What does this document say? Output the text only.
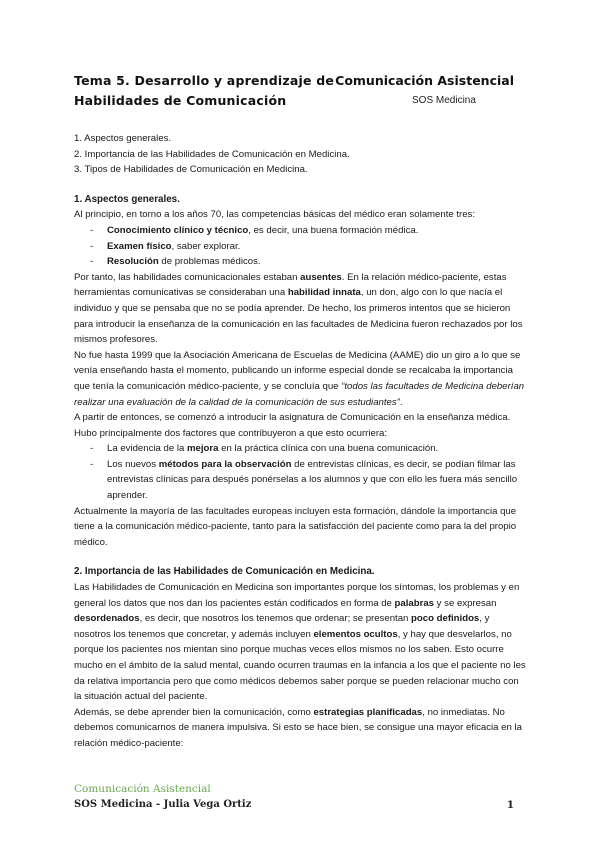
Tema 5. Desarrollo y aprendizaje de
Habilidades de Comunicación
Comunicación Asistencial
SOS Medicina
1. Aspectos generales.
2. Importancia de las Habilidades de Comunicación en Medicina.
3. Tipos de Habilidades de Comunicación en Medicina.
1. Aspectos generales.

Al principio, en torno a los años 70, las competencias básicas del médico eran solamente tres:

- Conocimiento clínico y técnico, es decir, una buena formación médica.
- Examen físico, saber explorar.
- Resolución de problemas médicos.

Por tanto, las habilidades comunicacionales estaban ausentes. En la relación médico-paciente, estas herramientas comunicativas se consideraban una habilidad innata, un don, algo con lo que nacía el individuo y que se pensaba que no se podía aprender. De hecho, los primeros intentos que se hicieron para introducir la enseñanza de la comunicación en las facultades de Medicina fueron rechazados por los mismos profesores.

No fue hasta 1999 que la Asociación Americana de Escuelas de Medicina (AAME) dio un giro a lo que se venía enseñando hasta el momento, publicando un informe especial donde se recalcaba la importancia que tenía la comunicación médico-paciente, y se concluía que “todos las facultades de Medicina deberían realizar una evaluación de la calidad de la comunicación de sus estudiantes”.

A partir de entonces, se comenzó a introducir la asignatura de Comunicación en la enseñanza médica.

Hubo principalmente dos factores que contribuyeron a que esto ocurriera:

- La evidencia de la mejora en la práctica clínica con una buena comunicación.
- Los nuevos métodos para la observación de entrevistas clínicas, es decir, se podían filmar las entrevistas clínicas para después ponérselas a los alumnos y que con ello les fuera más sencillo aprender.

Actualmente la mayoría de las facultades europeas incluyen esta formación, dándole la importancia que tiene a la comunicación médico-paciente, tanto para la satisfacción del paciente como para la del propio médico.

2. Importancia de las Habilidades de Comunicación en Medicina.

Las Habilidades de Comunicación en Medicina son importantes porque los síntomas, los problemas y en general los datos que nos dan los pacientes están codificados en forma de palabras y se expresan desordenados, es decir, que nosotros los tenemos que ordenar; se presentan poco definidos, y nosotros los tenemos que concretar, y además incluyen elementos ocultos, y hay que desvelarlos, no porque los pacientes nos mientan sino porque muchas veces ellos mismos no los saben. Esto ocurre mucho en el ámbito de la salud mental, cuando ocurren traumas en la infancia a los que el paciente no les da relativa importancia pero que como médicos debemos saber porque se pueden relacionar mucho con la situación actual del paciente.

Además, se debe aprender bien la comunicación, como estrategias planificadas, no inmediatas. No debemos comunicarnos de manera impulsiva. Si esto se hace bien, se consigue una mayor eficacia en la relación médico-paciente:

Comunicación Asistencial
SOS Medicina - Julia Vega Ortiz	1
